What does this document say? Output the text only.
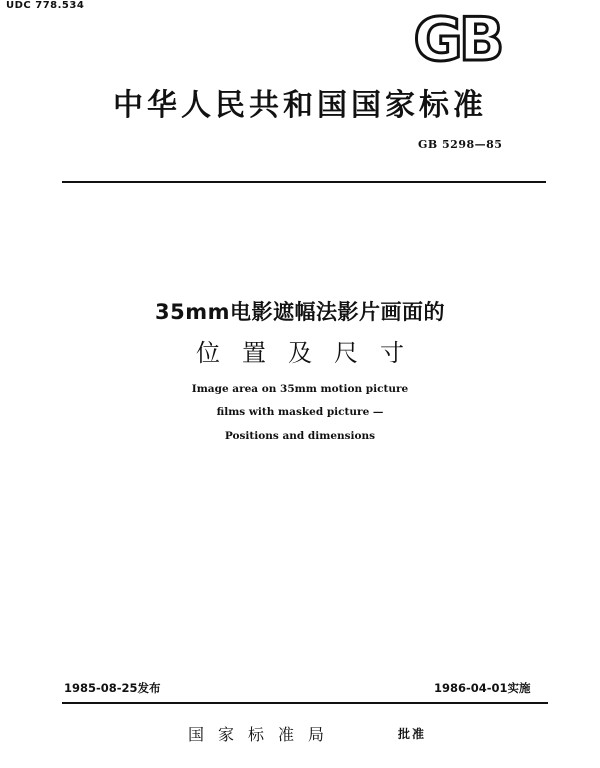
UDC 778.534	GB
中华人民共和国国家标准
GB 5298—85
35mm电影遮幅法影片画面的
位置及尺寸
Image area on 35mm motion picture
films with masked picture —
Positions and dimensions
1985-08-25发布	1986-04-01实施
国家标准局	批准
